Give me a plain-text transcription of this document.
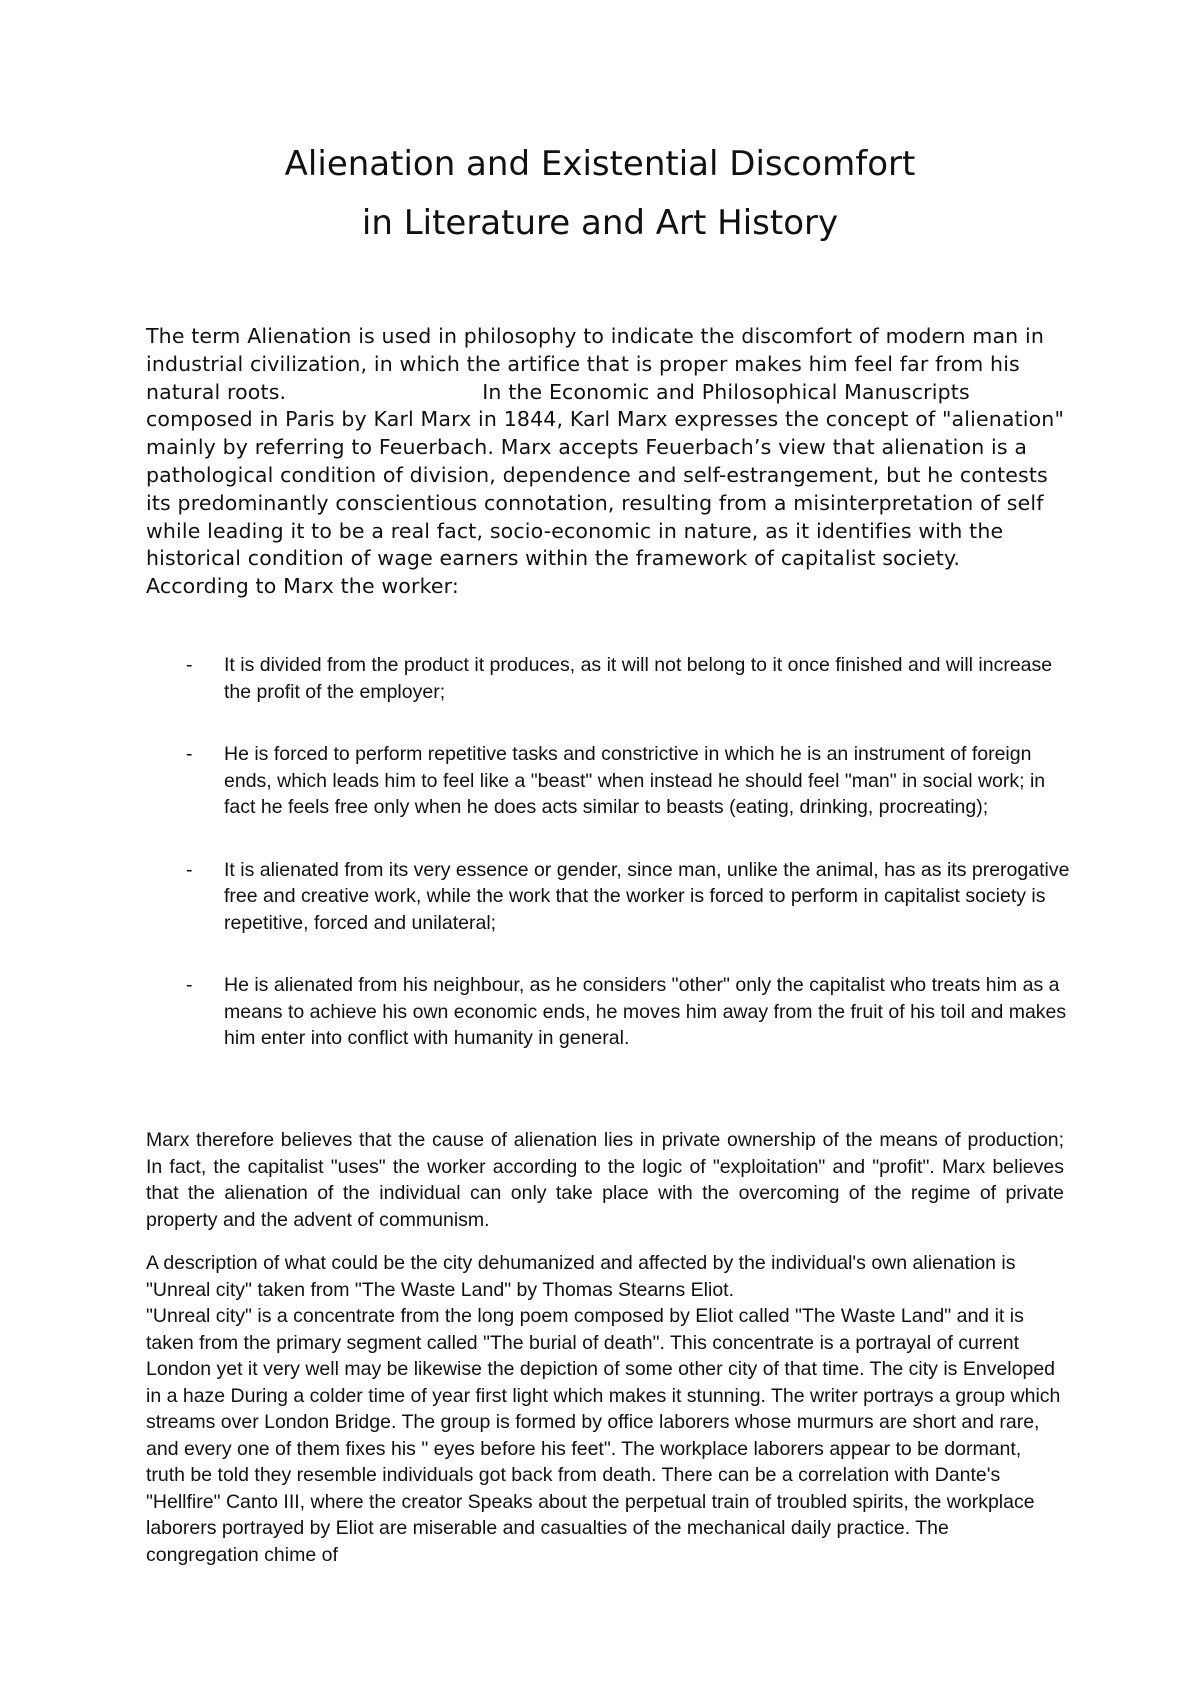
Alienation and Existential Discomfort
in Literature and Art History

The term Alienation is used in philosophy to indicate the discomfort of modern man in industrial civilization, in which the artifice that is proper makes him feel far from his natural roots.	In the Economic and Philosophical Manuscripts composed in Paris by Karl Marx in 1844, Karl Marx expresses the concept of "alienation" mainly by referring to Feuerbach. Marx accepts Feuerbach’s view that alienation is a pathological condition of division, dependence and self-estrangement, but he contests its predominantly conscientious connotation, resulting from a misinterpretation of self while leading it to be a real fact, socio-economic in nature, as it identifies with the historical condition of wage earners within the framework of capitalist society.
According to Marx the worker:

- It is divided from the product it produces, as it will not belong to it once finished and will increase the profit of the employer;
- He is forced to perform repetitive tasks and constrictive in which he is an instrument of foreign ends, which leads him to feel like a "beast" when instead he should feel "man" in social work; in fact he feels free only when he does acts similar to beasts (eating, drinking, procreating);
- It is alienated from its very essence or gender, since man, unlike the animal, has as its prerogative free and creative work, while the work that the worker is forced to perform in capitalist society is repetitive, forced and unilateral;
- He is alienated from his neighbour, as he considers "other" only the capitalist who treats him as a means to achieve his own economic ends, he moves him away from the fruit of his toil and makes him enter into conflict with humanity in general.

Marx therefore believes that the cause of alienation lies in private ownership of the means of production; In fact, the capitalist "uses" the worker according to the logic of "exploitation" and "profit". Marx believes that the alienation of the individual can only take place with the overcoming of the regime of private property and the advent of communism.

A description of what could be the city dehumanized and affected by the individual's own alienation is "Unreal city" taken from "The Waste Land" by Thomas Stearns Eliot.
"Unreal city" is a concentrate from the long poem composed by Eliot called "The Waste Land" and it is taken from the primary segment called "The burial of death". This concentrate is a portrayal of current London yet it very well may be likewise the depiction of some other city of that time. The city is Enveloped in a haze During a colder time of year first light which makes it stunning. The writer portrays a group which streams over London Bridge. The group is formed by office laborers whose murmurs are short and rare, and every one of them fixes his " eyes before his feet". The workplace laborers appear to be dormant, truth be told they resemble individuals got back from death. There can be a correlation with Dante's "Hellfire" Canto III, where the creator Speaks about the perpetual train of troubled spirits, the workplace laborers portrayed by Eliot are miserable and casualties of the mechanical daily practice. The congregation chime of
